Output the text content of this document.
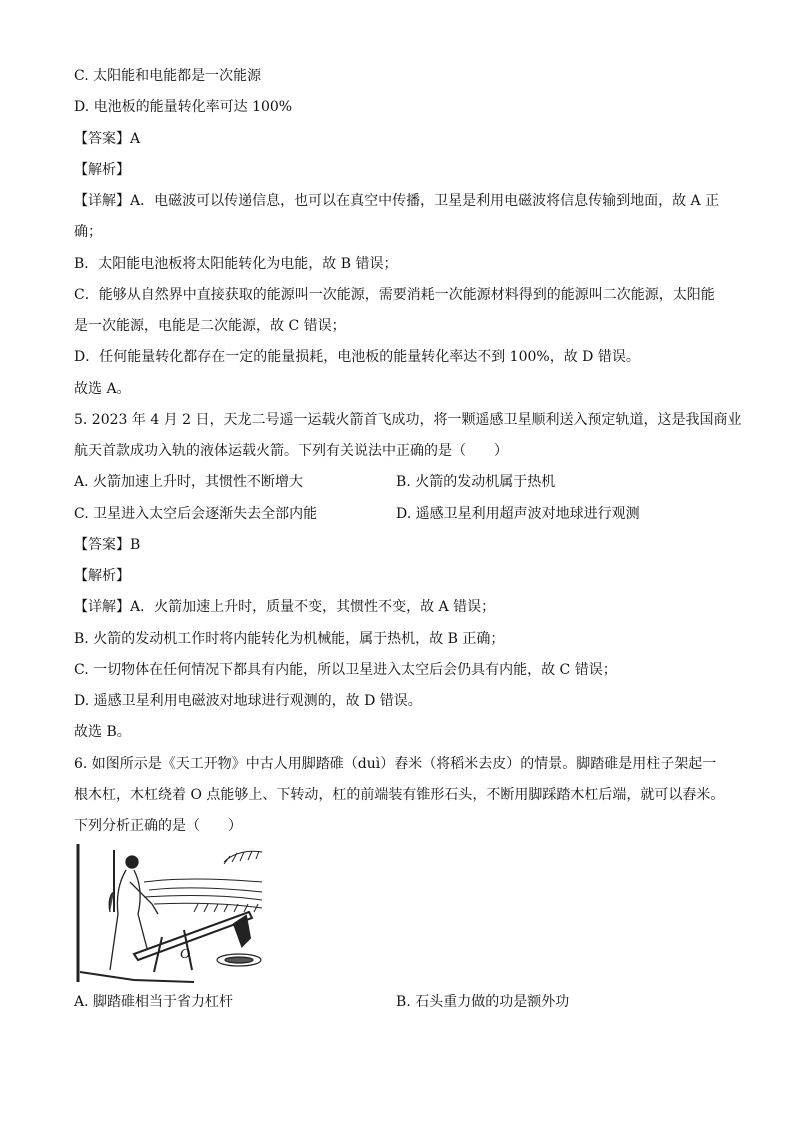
C. 太阳能和电能都是一次能源
D. 电池板的能量转化率可达 100%
【答案】A
【解析】
【详解】A．电磁波可以传递信息，也可以在真空中传播，卫星是利用电磁波将信息传输到地面，故 A 正
确；
B．太阳能电池板将太阳能转化为电能，故 B 错误；
C．能够从自然界中直接获取的能源叫一次能源，需要消耗一次能源材料得到的能源叫二次能源，太阳能
是一次能源，电能是二次能源，故 C 错误；
D．任何能量转化都存在一定的能量损耗，电池板的能量转化率达不到 100%，故 D 错误。
故选 A。
5. 2023 年 4 月 2 日，天龙二号遥一运载火箭首飞成功，将一颗遥感卫星顺利送入预定轨道，这是我国商业
航天首款成功入轨的液体运载火箭。下列有关说法中正确的是（　　）
A. 火箭加速上升时，其惯性不断增大	B. 火箭的发动机属于热机
C. 卫星进入太空后会逐渐失去全部内能	D. 遥感卫星利用超声波对地球进行观测
【答案】B
【解析】
【详解】A．火箭加速上升时，质量不变，其惯性不变，故 A 错误；
B. 火箭的发动机工作时将内能转化为机械能，属于热机，故 B 正确；
C. 一切物体在任何情况下都具有内能，所以卫星进入太空后会仍具有内能，故 C 错误；
D. 遥感卫星利用电磁波对地球进行观测的，故 D 错误。
故选 B。
6. 如图所示是《天工开物》中古人用脚踏碓（duì）舂米（将稻米去皮）的情景。脚踏碓是用柱子架起一
根木杠，木杠绕着 O 点能够上、下转动，杠的前端装有锥形石头，不断用脚踩踏木杠后端，就可以舂米。
下列分析正确的是（　　）
O
A. 脚踏碓相当于省力杠杆	B. 石头重力做的功是额外功
